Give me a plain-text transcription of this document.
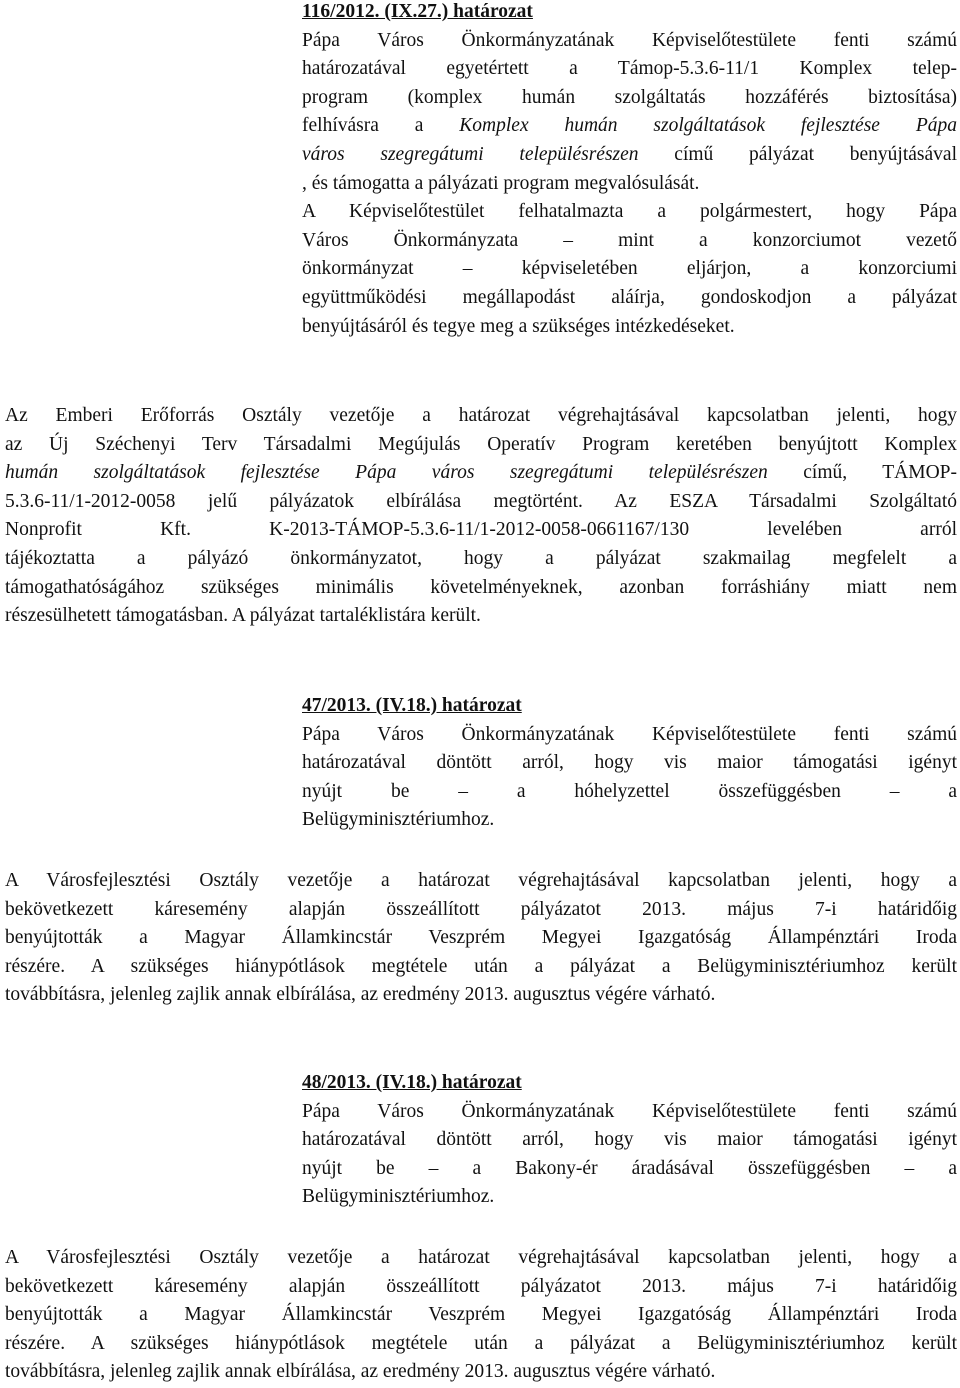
116/2012. (IX.27.) határozat
Pápa Város Önkormányzatának Képviselőtestülete fenti számú
határozatával egyetértett a Támop-5.3.6-11/1 Komplex telep-
program (komplex humán szolgáltatás hozzáférés biztosítása)
felhívásra a Komplex humán szolgáltatások fejlesztése Pápa
város szegregátumi településrészen című pályázat benyújtásával
, és támogatta a pályázati program megvalósulását.
A Képviselőtestület felhatalmazta a polgármestert, hogy Pápa
Város Önkormányzata – mint a konzorciumot vezető
önkormányzat – képviseletében eljárjon, a konzorciumi
együttműködési megállapodást aláírja, gondoskodjon a pályázat
benyújtásáról és tegye meg a szükséges intézkedéseket.
Az Emberi Erőforrás Osztály vezetője a határozat végrehajtásával kapcsolatban jelenti, hogy
az Új Széchenyi Terv Társadalmi Megújulás Operatív Program keretében benyújtott Komplex
humán szolgáltatások fejlesztése Pápa város szegregátumi településrészen című, TÁMOP-
5.3.6-11/1-2012-0058 jelű pályázatok elbírálása megtörtént. Az ESZA Társadalmi Szolgáltató
Nonprofit Kft. K-2013-TÁMOP-5.3.6-11/1-2012-0058-0661167/130 levelében arról
tájékoztatta a pályázó önkormányzatot, hogy a pályázat szakmailag megfelelt a
támogathatóságához szükséges minimális követelményeknek, azonban forráshiány miatt nem
részesülhetett támogatásban. A pályázat tartaléklistára került.
47/2013. (IV.18.) határozat
Pápa Város Önkormányzatának Képviselőtestülete fenti számú
határozatával döntött arról, hogy vis maior támogatási igényt
nyújt be – a hóhelyzettel összefüggésben – a
Belügyminisztériumhoz.
A Városfejlesztési Osztály vezetője a határozat végrehajtásával kapcsolatban jelenti, hogy a
bekövetkezett káresemény alapján összeállított pályázatot 2013. május 7-i határidőig
benyújtották a Magyar Államkincstár Veszprém Megyei Igazgatóság Állampénztári Iroda
részére. A szükséges hiánypótlások megtétele után a pályázat a Belügyminisztériumhoz került
továbbításra, jelenleg zajlik annak elbírálása, az eredmény 2013. augusztus végére várható.
48/2013. (IV.18.) határozat
Pápa Város Önkormányzatának Képviselőtestülete fenti számú
határozatával döntött arról, hogy vis maior támogatási igényt
nyújt be – a Bakony-ér áradásával összefüggésben – a
Belügyminisztériumhoz.
A Városfejlesztési Osztály vezetője a határozat végrehajtásával kapcsolatban jelenti, hogy a
bekövetkezett káresemény alapján összeállított pályázatot 2013. május 7-i határidőig
benyújtották a Magyar Államkincstár Veszprém Megyei Igazgatóság Állampénztári Iroda
részére. A szükséges hiánypótlások megtétele után a pályázat a Belügyminisztériumhoz került
továbbításra, jelenleg zajlik annak elbírálása, az eredmény 2013. augusztus végére várható.
